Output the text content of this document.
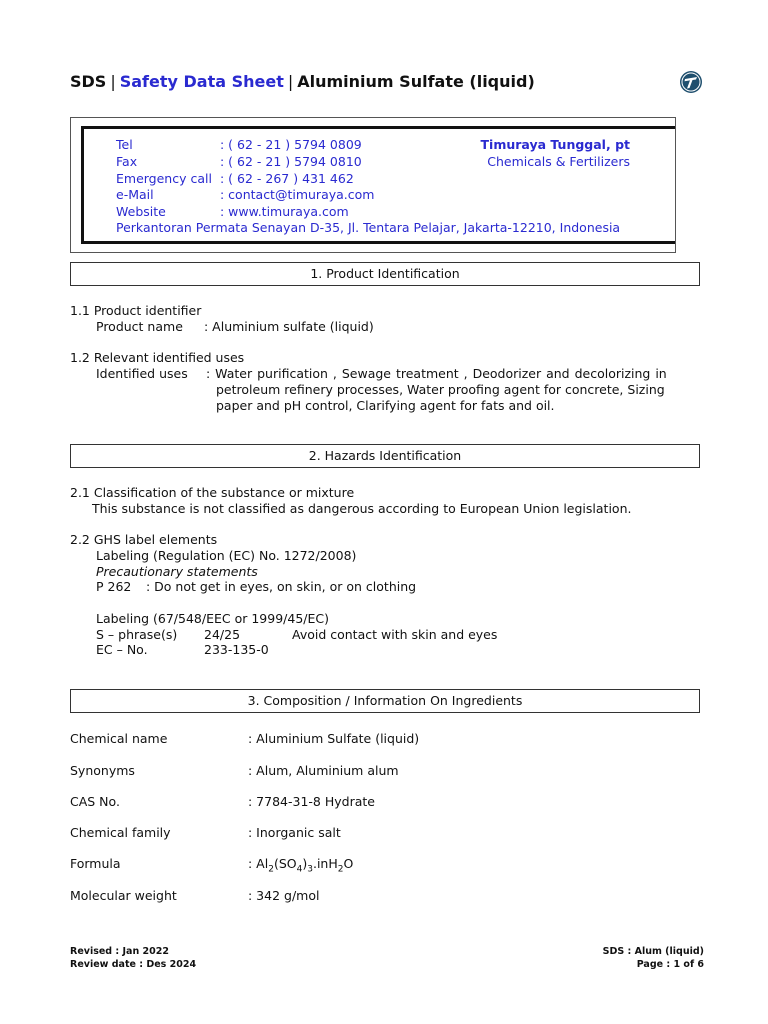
SDS | Safety Data Sheet | Aluminium Sulfate (liquid)
Tel	: ( 62 - 21 ) 5794 0809
Fax	: ( 62 - 21 ) 5794 0810
Emergency call : ( 62 - 267 ) 431 462
e-Mail	: contact@timuraya.com
Website	: www.timuraya.com
Perkantoran Permata Senayan D-35, Jl. Tentara Pelajar, Jakarta-12210, Indonesia
Timuraya Tunggal, pt
Chemicals & Fertilizers
1. Product Identification
1.1 Product identifier
Product name : Aluminium sulfate (liquid)
1.2 Relevant identified uses
Identified uses : Water purification , Sewage treatment , Deodorizer and decolorizing in
petroleum refinery processes, Water proofing agent for concrete, Sizing
paper and pH control, Clarifying agent for fats and oil.
2. Hazards Identification
2.1 Classification of the substance or mixture
This substance is not classified as dangerous according to European Union legislation.
2.2 GHS label elements
Labeling (Regulation (EC) No. 1272/2008)
Precautionary statements
P 262 : Do not get in eyes, on skin, or on clothing
Labeling (67/548/EEC or 1999/45/EC)
S – phrase(s) 24/25	Avoid contact with skin and eyes
EC – No.	233-135-0
3. Composition / Information On Ingredients
Chemical name	: Aluminium Sulfate (liquid)
Synonyms	: Alum, Aluminium alum
CAS No.	: 7784-31-8 Hydrate
Chemical family	: Inorganic salt
Formula	: $Al_2(SO_4)_3.inH_2O$
Molecular weight	: 342 g/mol
Revised : Jan 2022
Review date : Des 2024
SDS : Alum (liquid)
Page : 1 of 6
